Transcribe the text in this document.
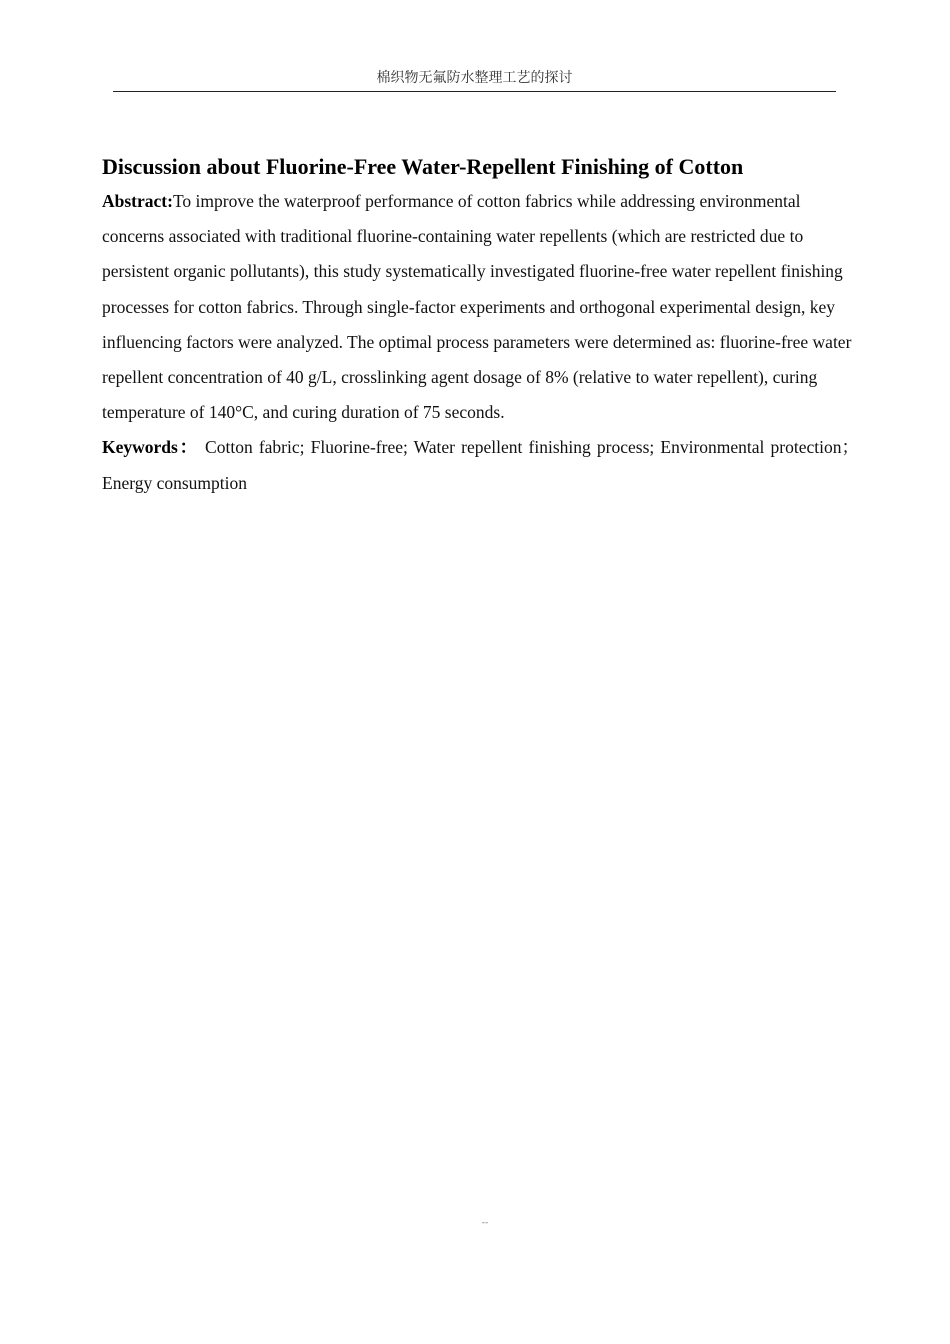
棉织物无氟防水整理工艺的探讨
Discussion about Fluorine-Free Water-Repellent Finishing of Cotton

Abstract:To improve the waterproof performance of cotton fabrics while addressing environmental concerns associated with traditional fluorine-containing water repellents (which are restricted due to persistent organic pollutants), this study systematically investigated fluorine-free water repellent finishing processes for cotton fabrics. Through single-factor experiments and orthogonal experimental design, key influencing factors were analyzed. The optimal process parameters were determined as: fluorine-free water repellent concentration of 40 g/L, crosslinking agent dosage of 8% (relative to water repellent), curing temperature of 140°C, and curing duration of 75 seconds.

Keywords： Cotton fabric; Fluorine-free; Water repellent finishing process; Environmental protection；Energy consumption

--
